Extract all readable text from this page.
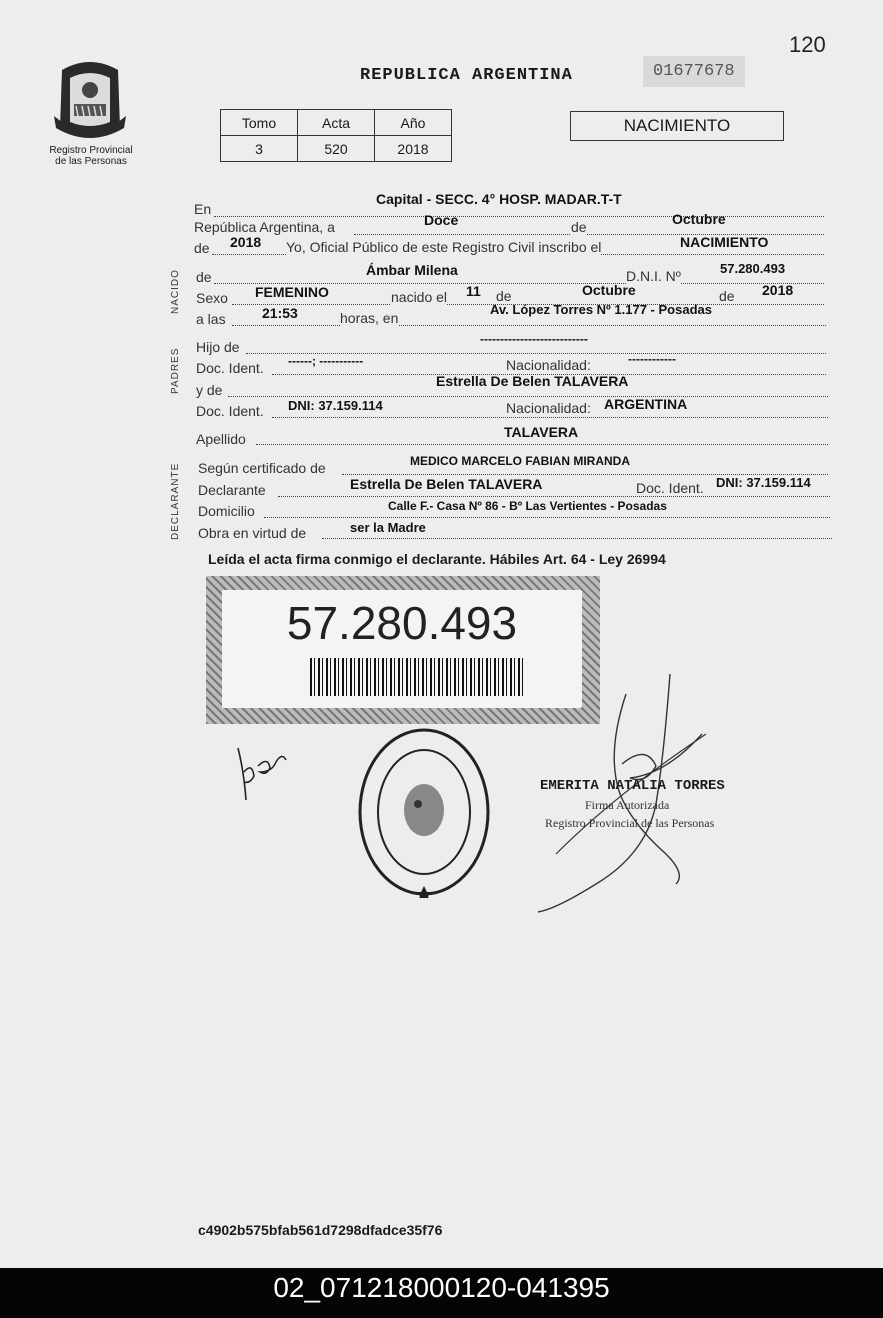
120
Registro Provincial
de las Personas
REPUBLICA ARGENTINA	01677678
Tomo	Acta	Año
3	520	2018
NACIMIENTO
En
Capital - SECC. 4° HOSP. MADAR.T-T
República Argentina, a	Doce	de	Octubre
de 2018 Yo, Oficial Público de este Registro Civil inscribo el	NACIMIENTO
NACIDO de	Ámbar Milena	D.N.I. Nº	57.280.493
Sexo FEMENINO	nacido el 11 de	Octubre	de 2018
a las	21:53	horas, en
Av. López Torres Nº 1.177 - Posadas
PADRES
Hijo de	---------------------------
Doc. Ident. ------; -----------	Nacionalidad:	------------
y de
Estrella De Belen TALAVERA
Doc. Ident. DNI: 37.159.114	Nacionalidad: ARGENTINA
Apellido	TALAVERA
DECLARANTE Según certificado de	MEDICO MARCELO FABIAN MIRANDA
Declarante	Estrella De Belen TALAVERA	Doc. Ident. DNI: 37.159.114
Domicilio	Calle F.- Casa Nº 86 - Bº Las Vertientes - Posadas
Obra en virtud de	ser la Madre
Leída el acta firma conmigo el declarante. Hábiles Art. 64 - Ley 26994
57.280.493
EMERITA NATALIA TORRES
Firma Autorizada
Registro Provincial de las Personas
c4902b575bfab561d7298dfadce35f76
02_071218000120-041395
